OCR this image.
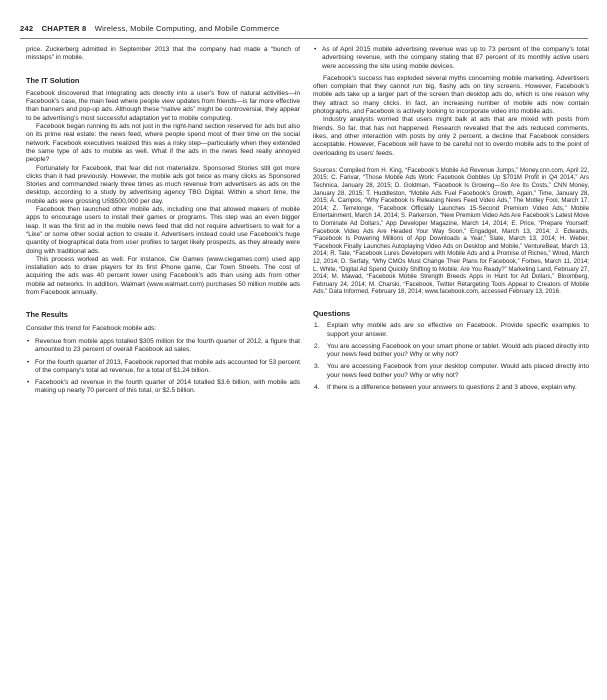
242 CHAPTER 8 Wireless, Mobile Computing, and Mobile Commerce

price. Zuckerberg admitted in September 2013 that the company had made a “bunch of missteps” in mobile.

The IT Solution

Facebook discovered that integrating ads directly into a user’s flow of natural activities—in Facebook’s case, the main feed where people view updates from friends—is far more effective than banners and pop-up ads. Although these “native ads” might be controversial, they appear to be advertising’s most successful adaptation yet to mobile computing.

Facebook began running its ads not just in the right-hand section reserved for ads but also on its prime real estate: the news feed, where people spend most of their time on the social network. Facebook executives realized this was a risky step—particularly when they extended the same type of ads to mobile as well. What if the ads in the news feed really annoyed people?

Fortunately for Facebook, that fear did not materialize. Sponsored Stories still got more clicks than it had previously. However, the mobile ads got twice as many clicks as Sponsored Stories and commanded nearly three times as much revenue from advertisers as ads on the desktop, according to a study by advertising agency TBG Digital. Within a short time, the mobile ads were grossing US$500,000 per day.

Facebook then launched other mobile ads, including one that allowed makers of mobile apps to encourage users to install their games or programs. This step was an even bigger leap. It was the first ad in the mobile news feed that did not require advertisers to wait for a “Like” or some other social action to create it. Advertisers instead could use Facebook’s huge quantity of biographical data from user profiles to target likely prospects, as they already were doing with traditional ads.

This process worked as well. For instance, Cie Games (www.ciegames.com) used app installation ads to draw players for its first iPhone game, Car Town Streets. The cost of acquiring the ads was 40 percent lower using Facebook’s ads than using ads from other mobile ad networks. In addition, Walmart (www.walmart.com) purchases 50 million mobile ads from Facebook annually.

The Results

Consider this trend for Facebook mobile ads:

• Revenue from mobile apps totalled $305 million for the fourth quarter of 2012, a figure that amounted to 23 percent of overall Facebook ad sales.
• For the fourth quarter of 2013, Facebook reported that mobile ads accounted for 53 percent of the company’s total ad revenue, for a total of $1.24 billion.
• Facebook’s ad revenue in the fourth quarter of 2014 totalled $3.6 billion, with mobile ads making up nearly 70 percent of this total, or $2.5 billion.
• As of April 2015 mobile advertising revenue was up to 73 percent of the company’s total advertising revenue, with the company stating that 87 percent of its monthly active users were accessing the site using mobile devices.

Facebook’s success has exploded several myths concerning mobile marketing. Advertisers often complain that they cannot run big, flashy ads on tiny screens. However, Facebook’s mobile ads take up a larger part of the screen than desktop ads do, which is one reason why they attract so many clicks. In fact, an increasing number of mobile ads now contain photographs, and Facebook is actively looking to incorporate video into mobile ads.

Industry analysts worried that users might balk at ads that are mixed with posts from friends. So far, that has not happened. Research revealed that the ads reduced comments, likes, and other interaction with posts by only 2 percent, a decline that Facebook considers acceptable. However, Facebook will have to be careful not to overdo mobile ads to the point of overloading its users’ feeds.

Sources: Compiled from H. King, “Facebook’s Mobile Ad Revenue Jumps,” Money.cnn.com, April 22, 2015; C. Farivar, “Those Mobile Ads Work: Facebook Gobbles Up $701M Profit in Q4 2014,” Ars Technica, January 28, 2015; D. Goldman, “Facebook Is Growing—So Are Its Costs,” CNN Money, January 28, 2015; T. Huddleston, “Mobile Ads Fuel Facebook’s Growth, Again,” Time, January 28, 2015; A. Campos, “Why Facebook Is Releasing News Feed Video Ads,” The Motley Fool, March 17, 2014; Z. Terrelonge, “Facebook Officially Launches 15-Second Premium Video Ads,” Mobile Entertainment, March 14, 2014; S. Parkerson, “New Premium Video Ads Are Facebook’s Latest Move to Dominate Ad Dollars,” App Developer Magazine, March 14, 2014; E. Price, “Prepare Yourself: Facebook Video Ads Are Headed Your Way Soon,” Engadget, March 13, 2014; J. Edwards, “Facebook Is Powering Millions of App Downloads a Year,” Slate, March 13, 2014; H. Weber, “Facebook Finally Launches Autoplaying Video Ads on Desktop and Mobile,” VentureBeat, March 13, 2014; R. Tate, “Facebook Lures Developers with Mobile Ads and a Promise of Riches,” Wired, March 12, 2014; D. Serfaty, “Why CMOs Must Change Their Plans for Facebook,” Forbes, March 11, 2014; L. White, “Digital Ad Spend Quickly Shifting to Mobile: Are You Ready?” Marketing Land, February 27, 2014; M. Mawad, “Facebook Mobile Strength Breeds Apps in Hunt for Ad Dollars,” Bloomberg, February 24, 2014; M. Charski, “Facebook, Twitter Retargeting Tools Appeal to Creators of Mobile Ads,” Data Informed, February 18, 2014; www.facebook.com, accessed February 13, 2016.

Questions
1. Explain why mobile ads are so effective on Facebook. Provide specific examples to support your answer.
2. You are accessing Facebook on your smart phone or tablet. Would ads placed directly into your news feed bother you? Why or why not?
3. You are accessing Facebook from your desktop computer. Would ads placed directly into your news feed bother you? Why or why not?
4. If there is a difference between your answers to questions 2 and 3 above, explain why.
